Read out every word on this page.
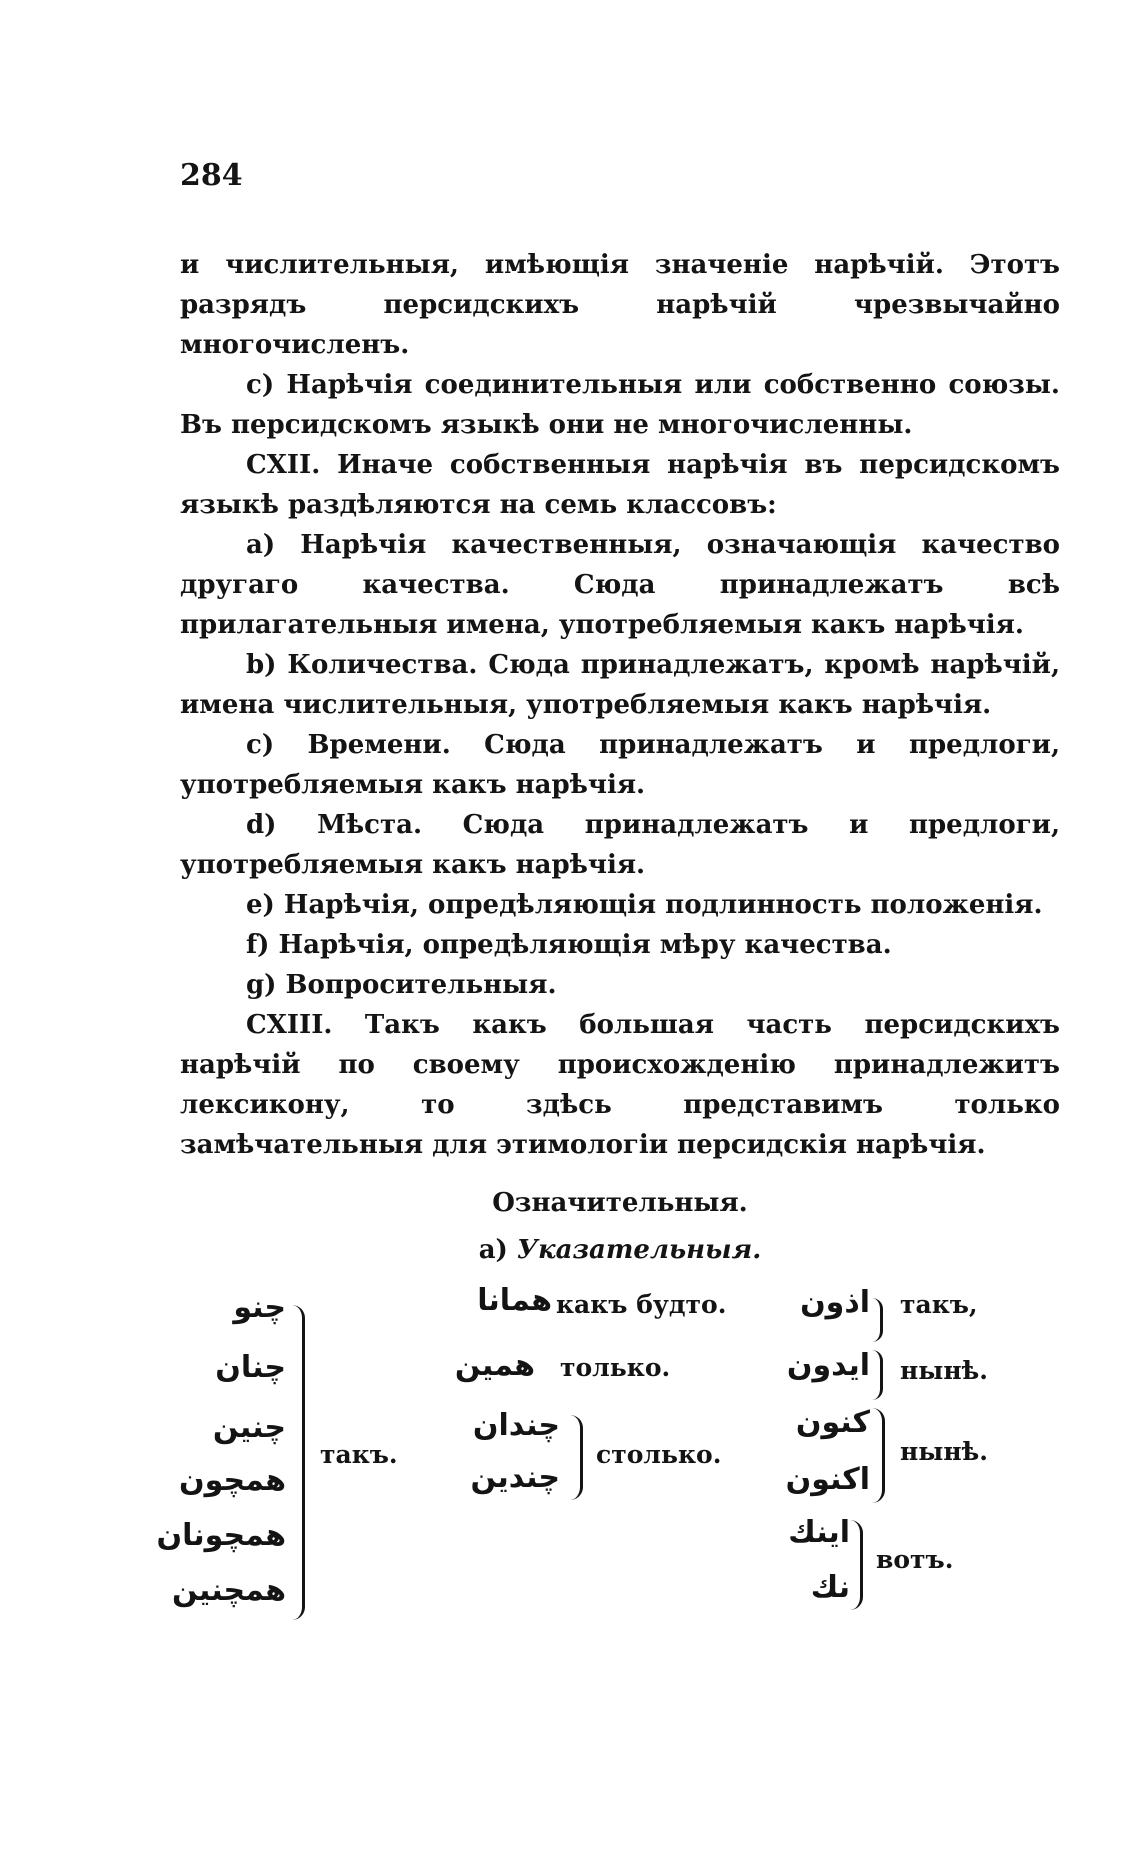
284

и числительныя, имѣющія значеніе нарѣчій. Этотъ разрядъ персидскихъ нарѣчій чрезвычайно многочисленъ.

c) Нарѣчія соединительныя или собственно союзы. Въ персидскомъ языкѣ они не многочисленны.

CXII. Иначе собственныя нарѣчія въ персидскомъ языкѣ раздѣляются на семь классовъ:

a) Нарѣчія качественныя, означающія качество другаго качества. Сюда принадлежатъ всѣ прилагательныя имена, употребляемыя какъ нарѣчія.

b) Количества. Сюда принадлежатъ, кромѣ нарѣчій, имена числительныя, употребляемыя какъ нарѣчія.

c) Времени. Сюда принадлежатъ и предлоги, употребляемыя какъ нарѣчія.

d) Мѣста. Сюда принадлежатъ и предлоги, употребляемыя какъ нарѣчія.

e) Нарѣчія, опредѣляющія подлинность положенія.

f) Нарѣчія, опредѣляющія мѣру качества.

g) Вопросительныя.

CXIII. Такъ какъ большая часть персидскихъ нарѣчій по своему происхожденію принадлежитъ лексикону, то здѣсь представимъ только замѣчательныя для этимологіи персидскія нарѣчія.

Означительныя.
a) Указательныя.
چنو
چنان
چنين
همچون
همچونان
همچنين
такъ.
همانا какъ будто.
همين только.
چندان
چندين
столько.
اذون такъ,
ايدون нынѣ.
كنون
اكنون
нынѣ.
اينك
نك
вотъ.
